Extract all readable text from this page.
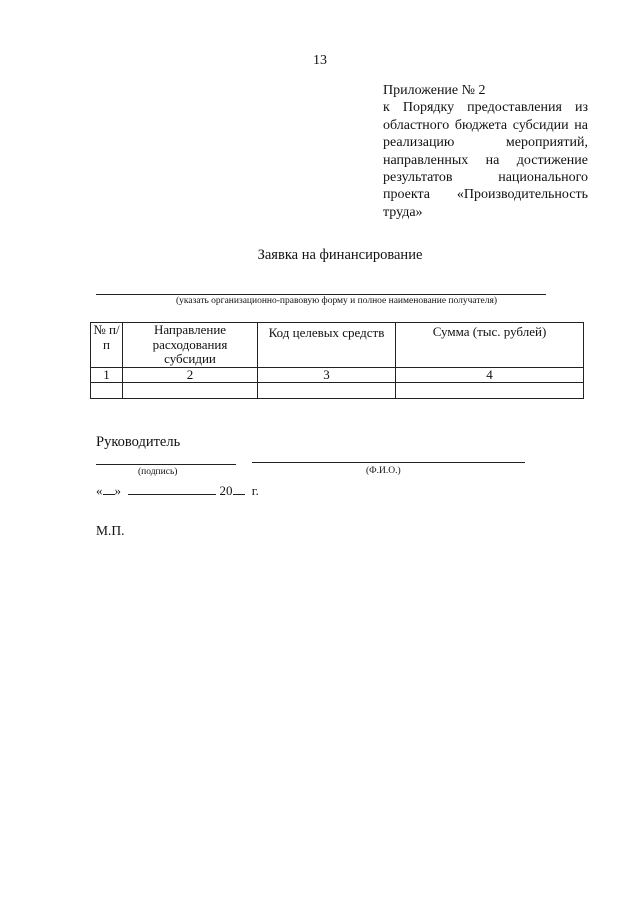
13
Приложение № 2
к Порядку предоставления из областного бюджета субсидии на реализацию мероприятий, направленных на достижение результатов национального проекта «Производительность труда»
Заявка на финансирование
(указать организационно-правовую форму и полное наименование получателя)
№ п/п	Направление расходования субсидии	Код целевых средств	Сумма (тыс. рублей)
1	2	3	4

Руководитель
(подпись)	(Ф.И.О.)
« »	20 г.
М.П.
